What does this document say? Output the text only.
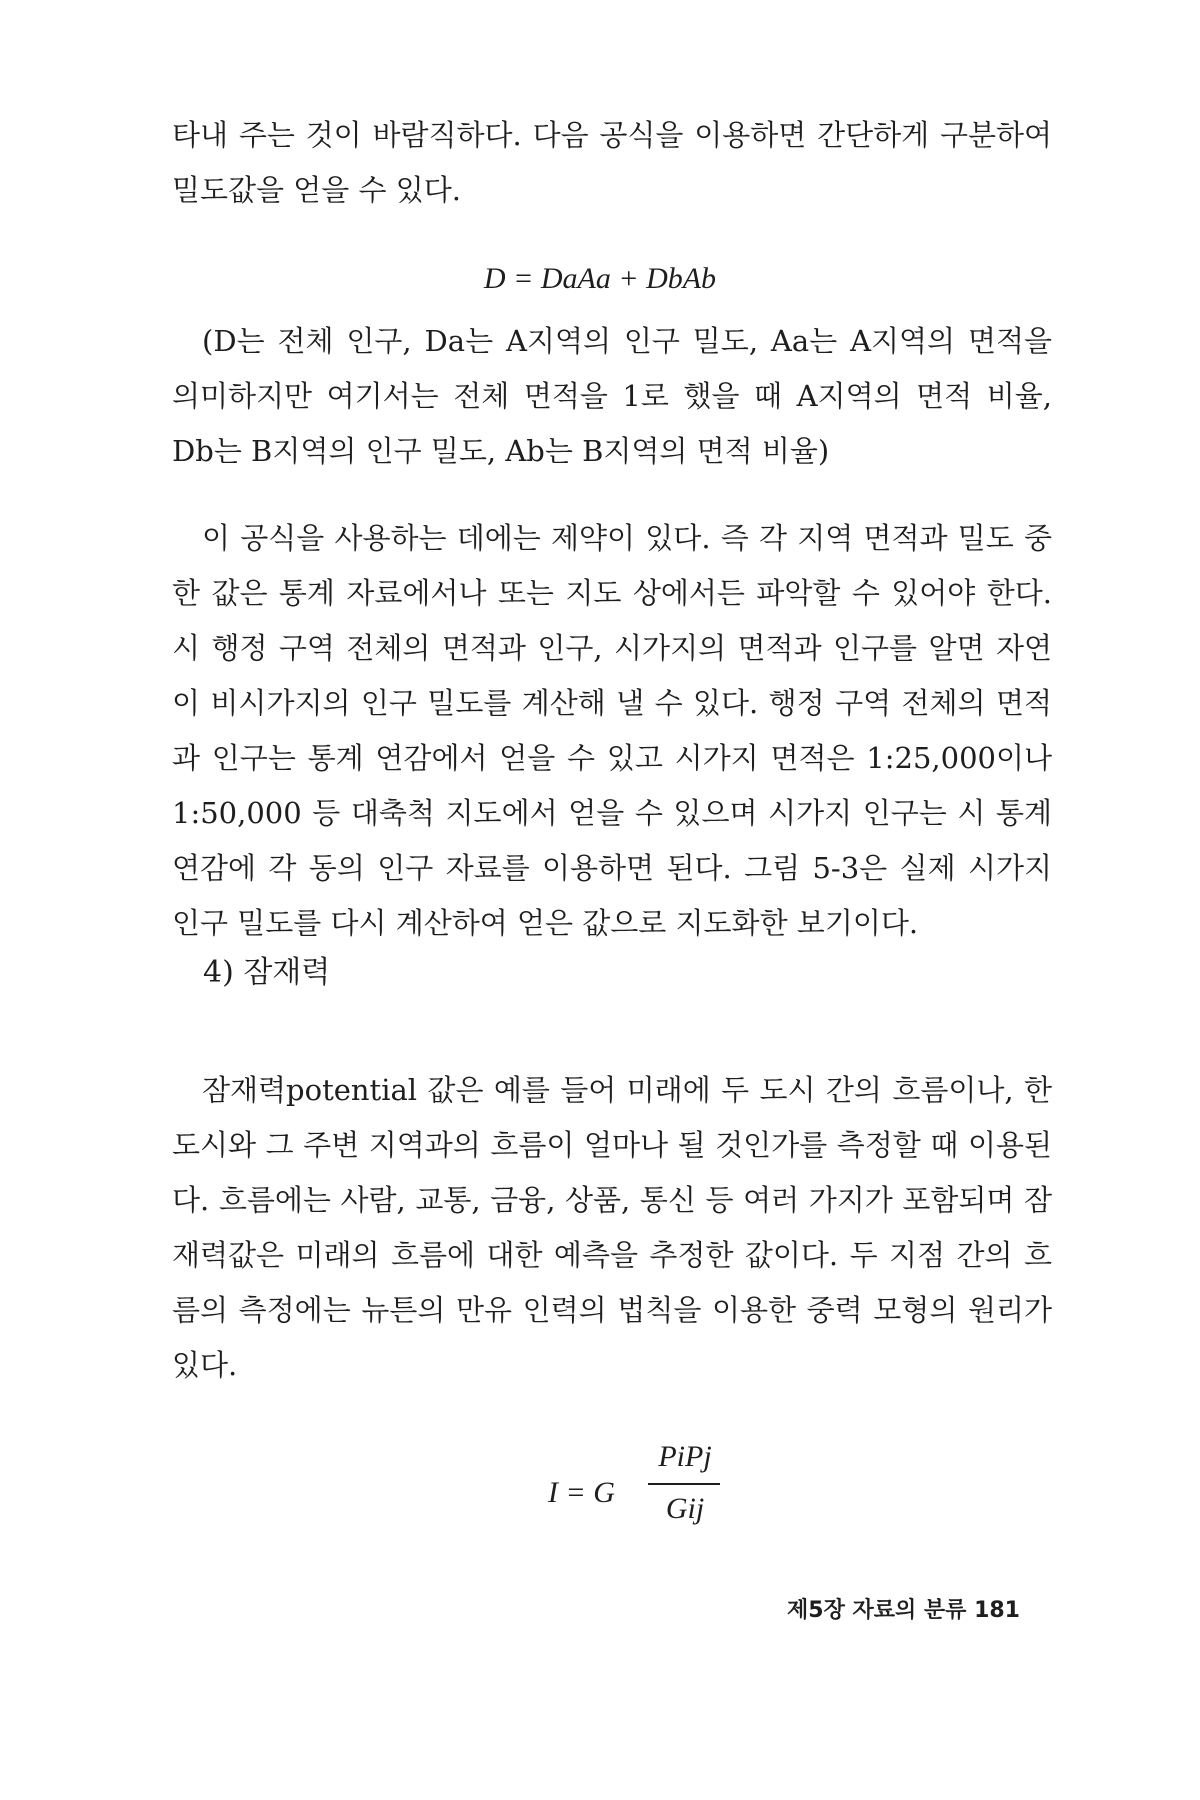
타내 주는 것이 바람직하다. 다음 공식을 이용하면 간단하게 구분하여 밀도값을 얻을 수 있다.

D = DaAa + DbAb

(D는 전체 인구, Da는 A지역의 인구 밀도, Aa는 A지역의 면적을 의미하지만 여기서는 전체 면적을 1로 했을 때 A지역의 면적 비율, Db는 B지역의 인구 밀도, Ab는 B지역의 면적 비율)

이 공식을 사용하는 데에는 제약이 있다. 즉 각 지역 면적과 밀도 중 한 값은 통계 자료에서나 또는 지도 상에서든 파악할 수 있어야 한다. 시 행정 구역 전체의 면적과 인구, 시가지의 면적과 인구를 알면 자연이 비시가지의 인구 밀도를 계산해 낼 수 있다. 행정 구역 전체의 면적과 인구는 통계 연감에서 얻을 수 있고 시가지 면적은 1:25,000이나 1:50,000 등 대축척 지도에서 얻을 수 있으며 시가지 인구는 시 통계 연감에 각 동의 인구 자료를 이용하면 된다. 그림 5-3은 실제 시가지 인구 밀도를 다시 계산하여 얻은 값으로 지도화한 보기이다.

4) 잠재력

잠재력potential 값은 예를 들어 미래에 두 도시 간의 흐름이나, 한 도시와 그 주변 지역과의 흐름이 얼마나 될 것인가를 측정할 때 이용된다. 흐름에는 사람, 교통, 금융, 상품, 통신 등 여러 가지가 포함되며 잠재력값은 미래의 흐름에 대한 예측을 추정한 값이다. 두 지점 간의 흐름의 측정에는 뉴튼의 만유 인력의 법칙을 이용한 중력 모형의 원리가 있다.

I = G
PiPj
Gij
제5장 자료의 분류 181
